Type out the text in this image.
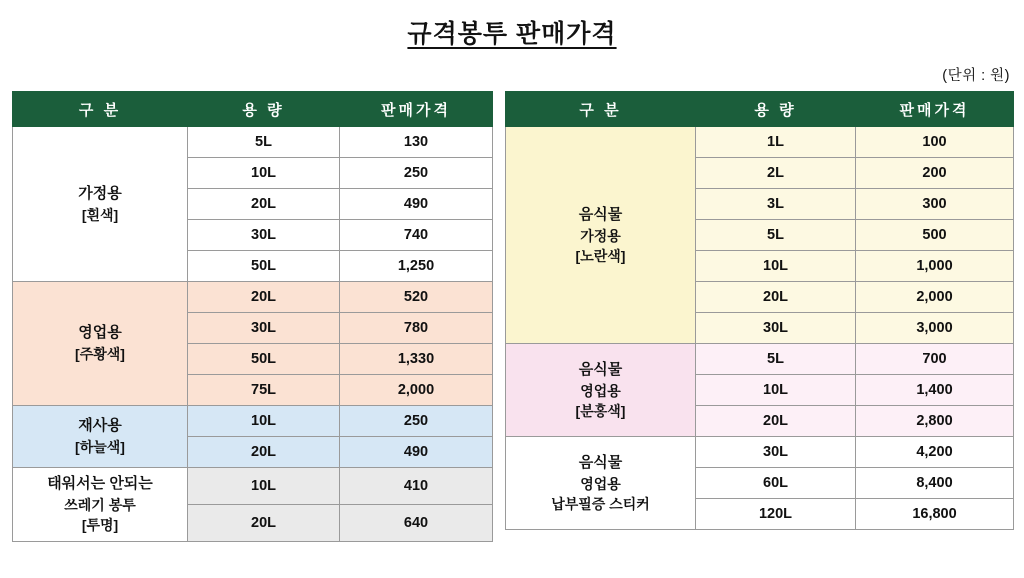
규격봉투 판매가격
(단위 : 원)
구 분	용 량	판매가격
가정용
[흰색]	5L	130
	10L	250
	20L	490
	30L	740
	50L	1,250
영업용
[주황색]	20L	520
	30L	780
	50L	1,330
	75L	2,000
재사용
[하늘색]	10L	250
	20L	490
태워서는 안되는
쓰레기 봉투
[투명]	10L	410
	20L	640
구 분	용 량	판매가격
음식물
가정용
[노란색]	1L	100
	2L	200
	3L	300
	5L	500
	10L	1,000
	20L	2,000
	30L	3,000
음식물
영업용
[분홍색]	5L	700
	10L	1,400
	20L	2,800
음식물
영업용
납부필증 스티커	30L	4,200
	60L	8,400
	120L	16,800
